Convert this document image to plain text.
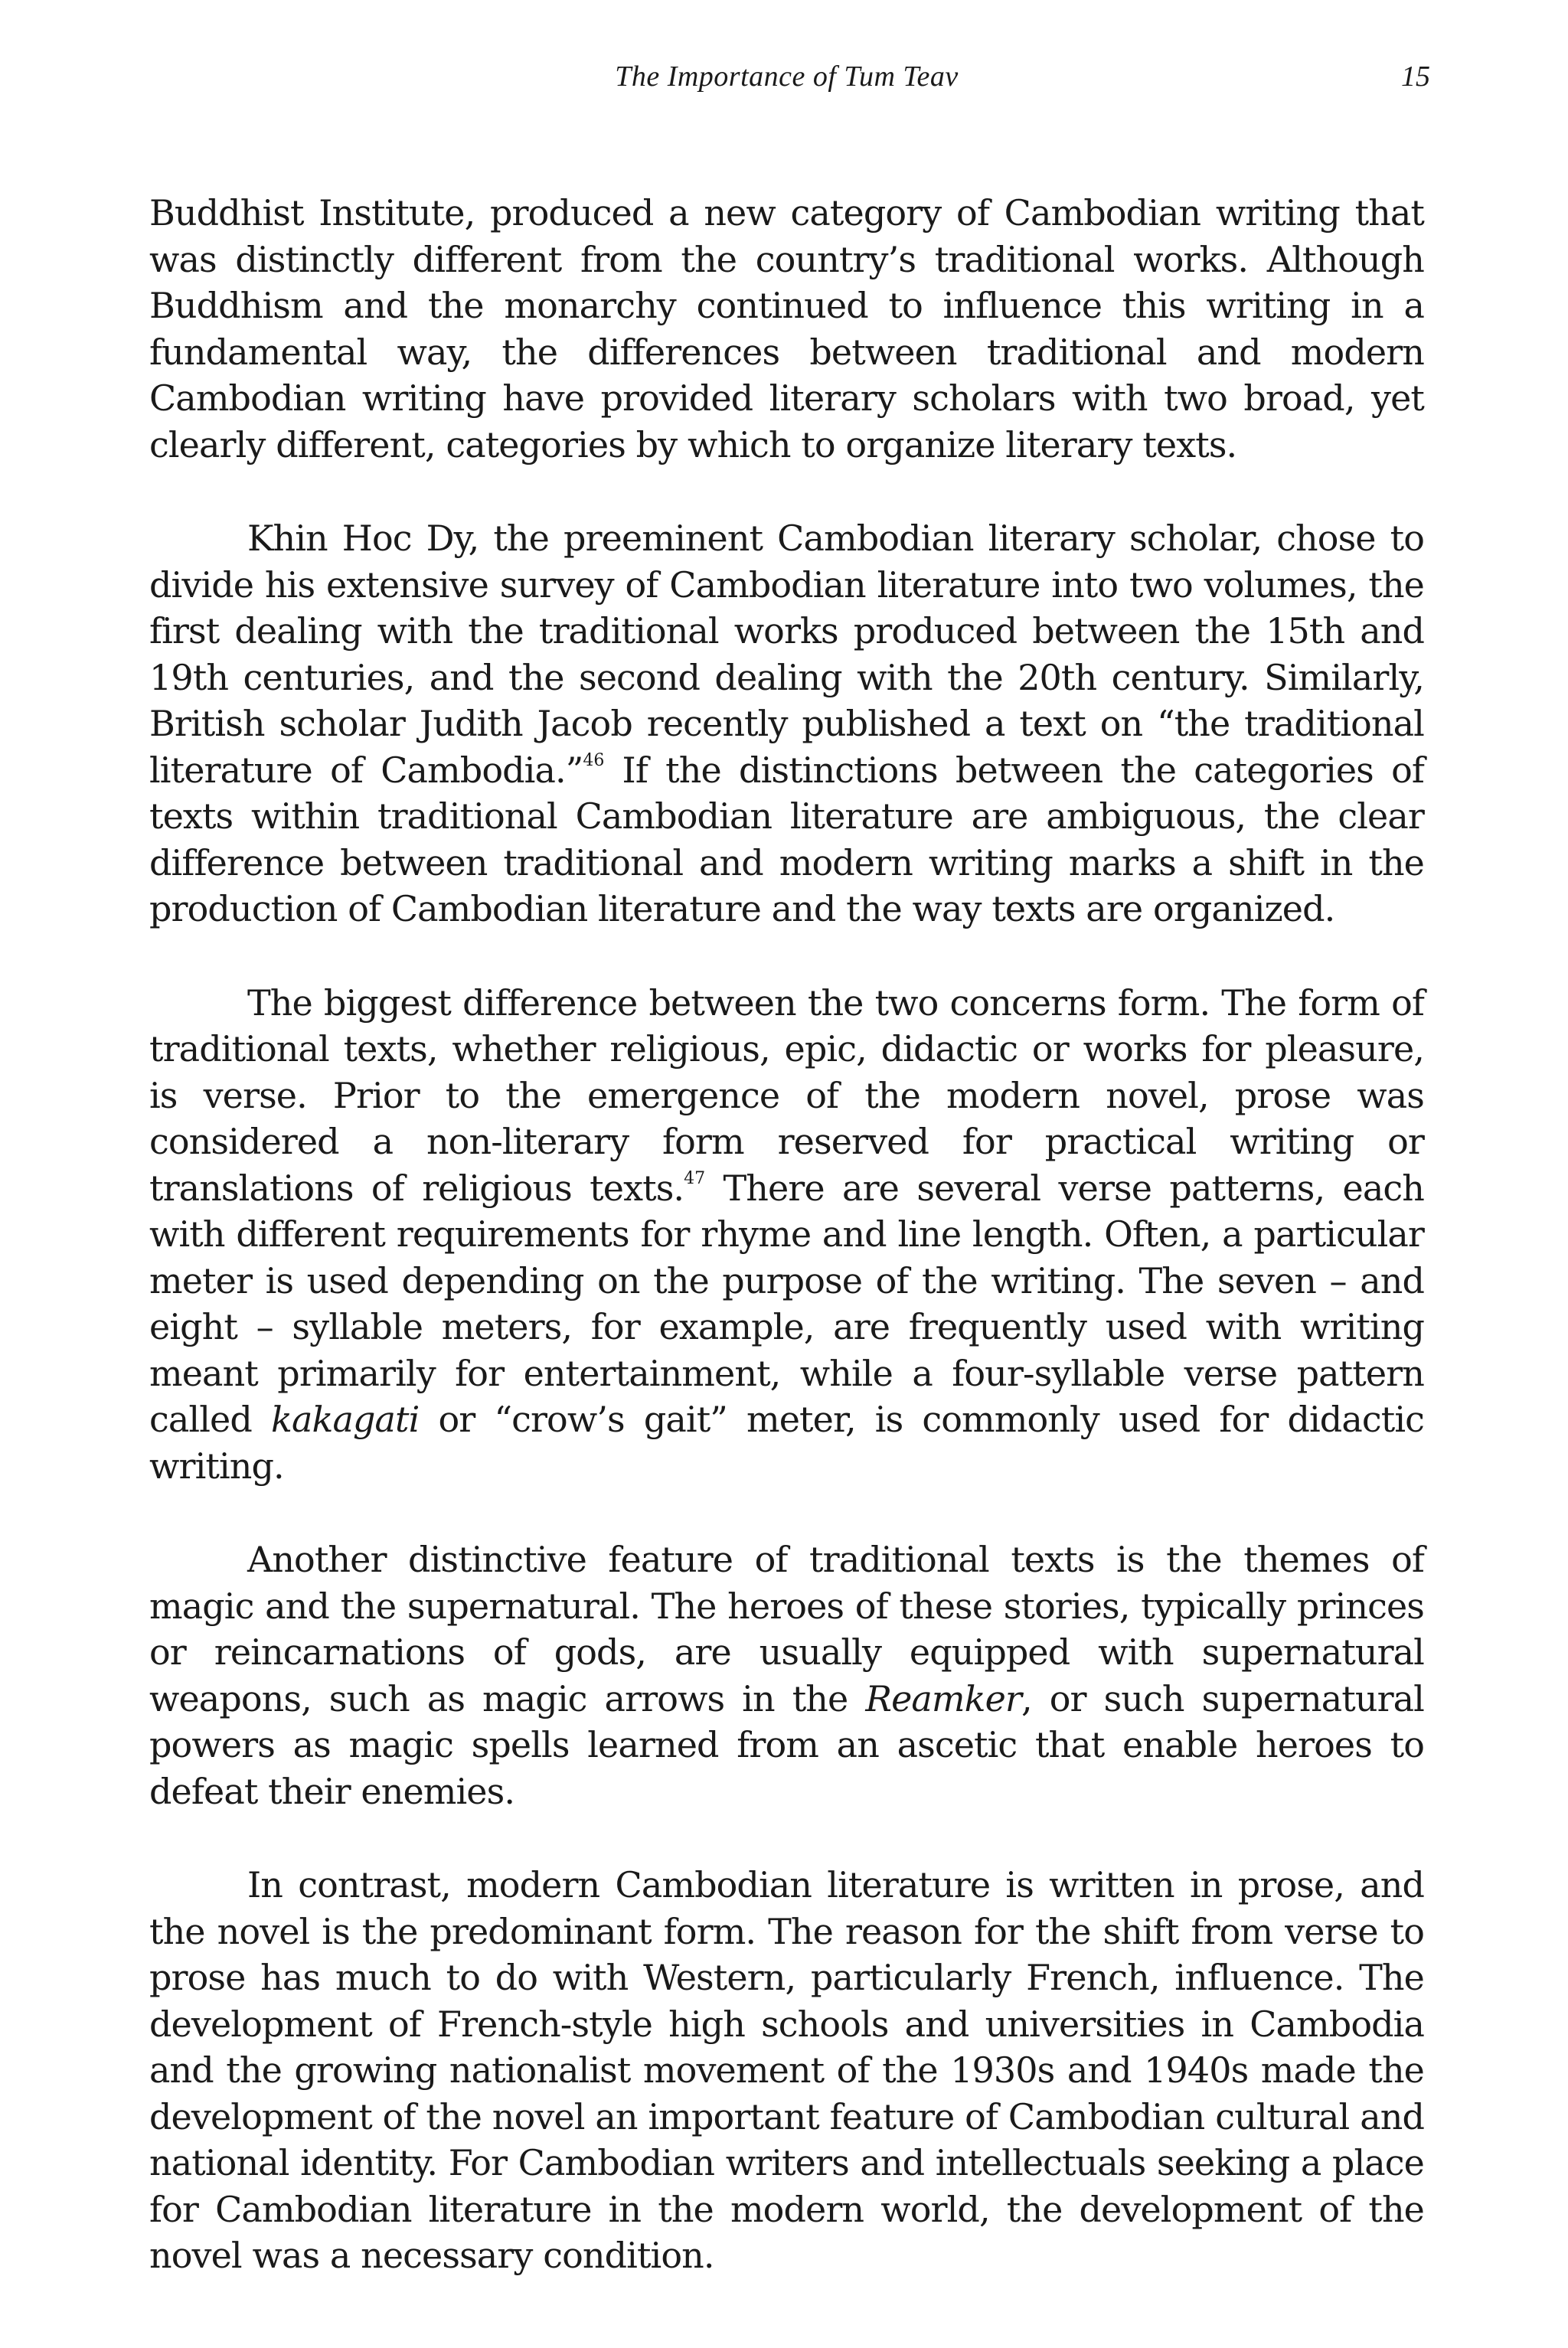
The Importance of Tum Teav	15

Buddhist Institute, produced a new category of Cambodian writing that was distinctly different from the country’s traditional works. Although Buddhism and the monarchy continued to influence this writing in a fundamental way, the differences between traditional and modern Cambodian writing have provided literary scholars with two broad, yet clearly different, categories by which to organize literary texts.

Khin Hoc Dy, the preeminent Cambodian literary scholar, chose to divide his extensive survey of Cambodian literature into two volumes, the first dealing with the traditional works produced between the 15th and 19th centuries, and the second dealing with the 20th century. Similarly, British scholar Judith Jacob recently published a text on “the traditional literature of Cambodia.”$^{46}$ If the distinctions between the categories of texts within traditional Cambodian literature are ambiguous, the clear difference between traditional and modern writing marks a shift in the production of Cambodian literature and the way texts are organized.

The biggest difference between the two concerns form. The form of traditional texts, whether religious, epic, didactic or works for pleasure, is verse. Prior to the emergence of the modern novel, prose was considered a non-literary form reserved for practical writing or translations of religious texts.$^{47}$ There are several verse patterns, each with different requirements for rhyme and line length. Often, a particular meter is used depending on the purpose of the writing. The seven – and eight – syllable meters, for example, are frequently used with writing meant primarily for entertainment, while a four-syllable verse pattern called kakagati or “crow’s gait” meter, is commonly used for didactic writing.

Another distinctive feature of traditional texts is the themes of magic and the supernatural. The heroes of these stories, typically princes or reincarnations of gods, are usually equipped with supernatural weapons, such as magic arrows in the Reamker, or such supernatural powers as magic spells learned from an ascetic that enable heroes to defeat their enemies.

In contrast, modern Cambodian literature is written in prose, and the novel is the predominant form. The reason for the shift from verse to prose has much to do with Western, particularly French, influence. The development of French-style high schools and universities in Cambodia and the growing nationalist movement of the 1930s and 1940s made the development of the novel an important feature of Cambodian cultural and national identity. For Cambodian writers and intellectuals seeking a place for Cambodian literature in the modern world, the development of the novel was a necessary condition.
